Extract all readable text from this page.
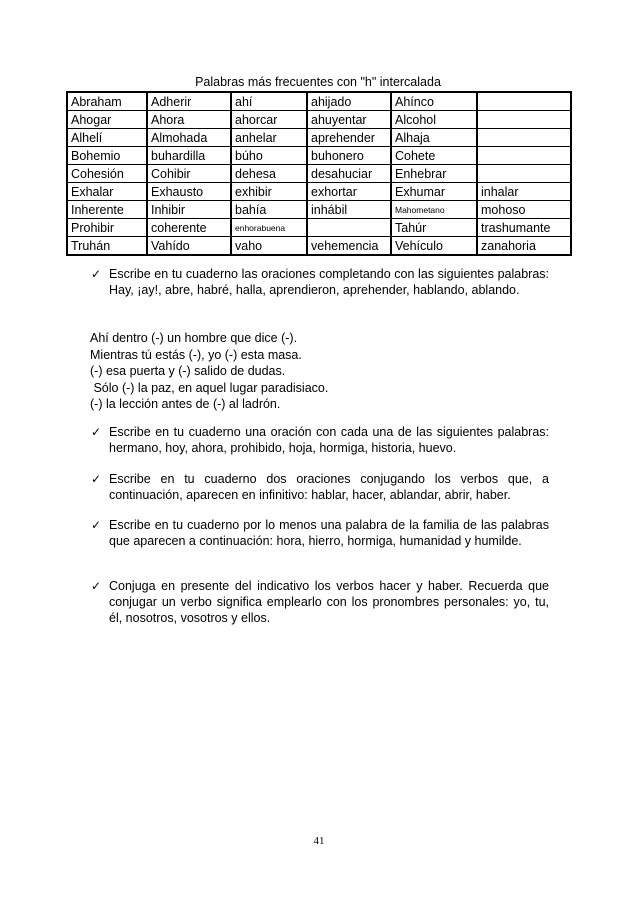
Palabras más frecuentes con "h" intercalada
Abraham	Adherir	ahí	ahijado	Ahínco	
Ahogar	Ahora	ahorcar	ahuyentar	Alcohol	
Alhelí	Almohada	anhelar	aprehender	Alhaja	
Bohemio	buhardilla	búho	buhonero	Cohete	
Cohesión	Cohibir	dehesa	desahuciar	Enhebrar	
Exhalar	Exhausto	exhibir	exhortar	Exhumar	inhalar
Inherente	Inhibir	bahía	inhábil	Mahometano	mohoso
Prohibir	coherente	enhorabuena		Tahúr	trashumante
Truhán	Vahído	vaho	vehemencia	Vehículo	zanahoria
✓ Escribe en tu cuaderno las oraciones completando con las siguientes palabras: Hay, ¡ay!, abre, habré, halla, aprendieron, aprehender, hablando, ablando.
Ahí dentro (-) un hombre que dice (-).
Mientras tú estás (-), yo (-) esta masa.
(-) esa puerta y (-) salido de dudas.
Sólo (-) la paz, en aquel lugar paradisiaco.
(-) la lección antes de (-) al ladrón.
✓ Escribe en tu cuaderno una oración con cada una de las siguientes palabras: hermano, hoy, ahora, prohibido, hoja, hormiga, historia, huevo.
✓ Escribe en tu cuaderno dos oraciones conjugando los verbos que, a continuación, aparecen en infinitivo: hablar, hacer, ablandar, abrir, haber.
✓ Escribe en tu cuaderno por lo menos una palabra de la familia de las palabras que aparecen a continuación: hora, hierro, hormiga, humanidad y humilde.
✓ Conjuga en presente del indicativo los verbos hacer y haber. Recuerda que conjugar un verbo significa emplearlo con los pronombres personales: yo, tu, él, nosotros, vosotros y ellos.
41
